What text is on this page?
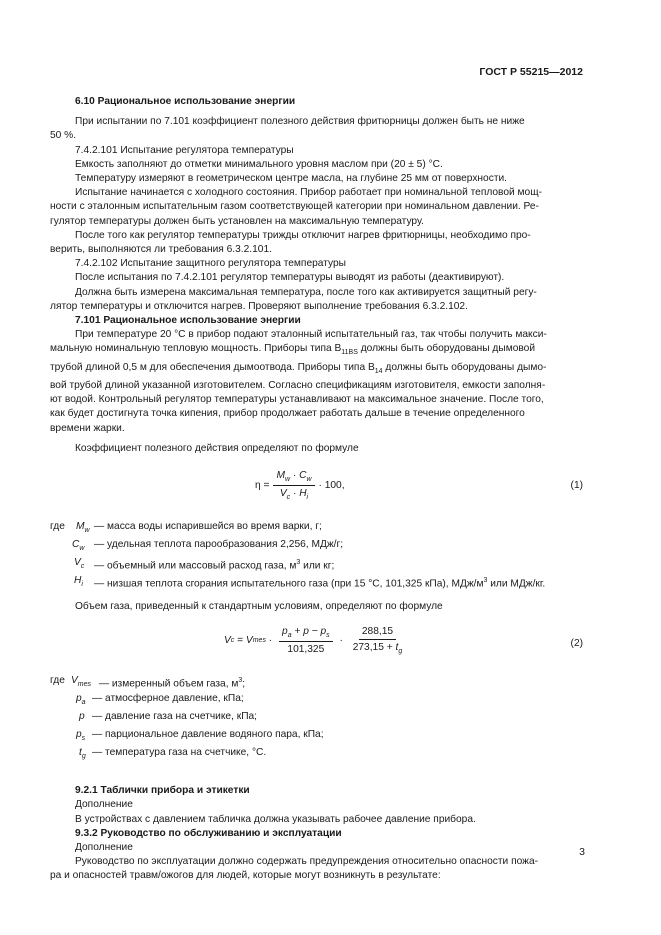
ГОСТ Р 55215—2012

6.10 Рациональное использование энергии

При испытании по 7.101 коэффициент полезного действия фритюрницы должен быть не ниже

50 %.

7.4.2.101 Испытание регулятора температуры

Емкость заполняют до отметки минимального уровня маслом при (20 ± 5) °С.

Температуру измеряют в геометрическом центре масла, на глубине 25 мм от поверхности.

Испытание начинается с холодного состояния. Прибор работает при номинальной тепловой мощ-

ности с эталонным испытательным газом соответствующей категории при номинальном давлении. Ре-

гулятор температуры должен быть установлен на максимальную температуру.

После того как регулятор температуры трижды отключит нагрев фритюрницы, необходимо про-

верить, выполняются ли требования 6.3.2.101.

7.4.2.102 Испытание защитного регулятора температуры

После испытания по 7.4.2.101 регулятор температуры выводят из работы (деактивируют).

Должна быть измерена максимальная температура, после того как активируется защитный регу-

лятор температуры и отключится нагрев. Проверяют выполнение требования 6.3.2.102.

7.101 Рациональное использование энергии

При температуре 20 °С в прибор подают эталонный испытательный газ, так чтобы получить макси-

мальную номинальную тепловую мощность. Приборы типа $В_{11BS}$ должны быть оборудованы дымовой

трубой длиной 0,5 м для обеспечения дымоотвода. Приборы типа $В_{14}$ должны быть оборудованы дымо-

вой трубой длиной указанной изготовителем. Согласно спецификациям изготовителя, емкости заполня-

ют водой. Контрольный регулятор температуры устанавливают на максимальное значение. После того,

как будет достигнута точка кипения, прибор продолжает работать дальше в течение определенного

времени жарки.

Коэффициент полезного действия определяют по формуле

$\eta = \frac{M_w \cdot C_w}{V_c \cdot H_i} \cdot 100$,	(1)
где $M_w$ — масса воды испарившейся во время варки, г;
$C_w$ — удельная теплота парообразования 2,256, МДж/г;
$V_c$ — объемный или массовый расход газа, $м^3$ или кг;
$H_i$ — низшая теплота сгорания испытательного газа (при 15 °С, 101,325 кПа), МДж/$м^3$ или МДж/кг.

Объем газа, приведенный к стандартным условиям, определяют по формуле

V c = V mes · $\frac{p_a + p - p_s}{101,325} \cdot \frac{288,15}{273,15 + t_g}$	(2)
где $V_{mes}$ — измеренный объем газа, $м^3$;
$p_a$ — атмосферное давление, кПа;
p — давление газа на счетчике, кПа;
$p_s$ — парциональное давление водяного пара, кПа;
$t_g$ — температура газа на счетчике, °С.

9.2.1 Таблички прибора и этикетки

Дополнение

В устройствах с давлением табличка должна указывать рабочее давление прибора.

9.3.2 Руководство по обслуживанию и эксплуатации

Дополнение

Руководство по эксплуатации должно содержать предупреждения относительно опасности пожа-

ра и опасностей травм/ожогов для людей, которые могут возникнуть в результате:

3
